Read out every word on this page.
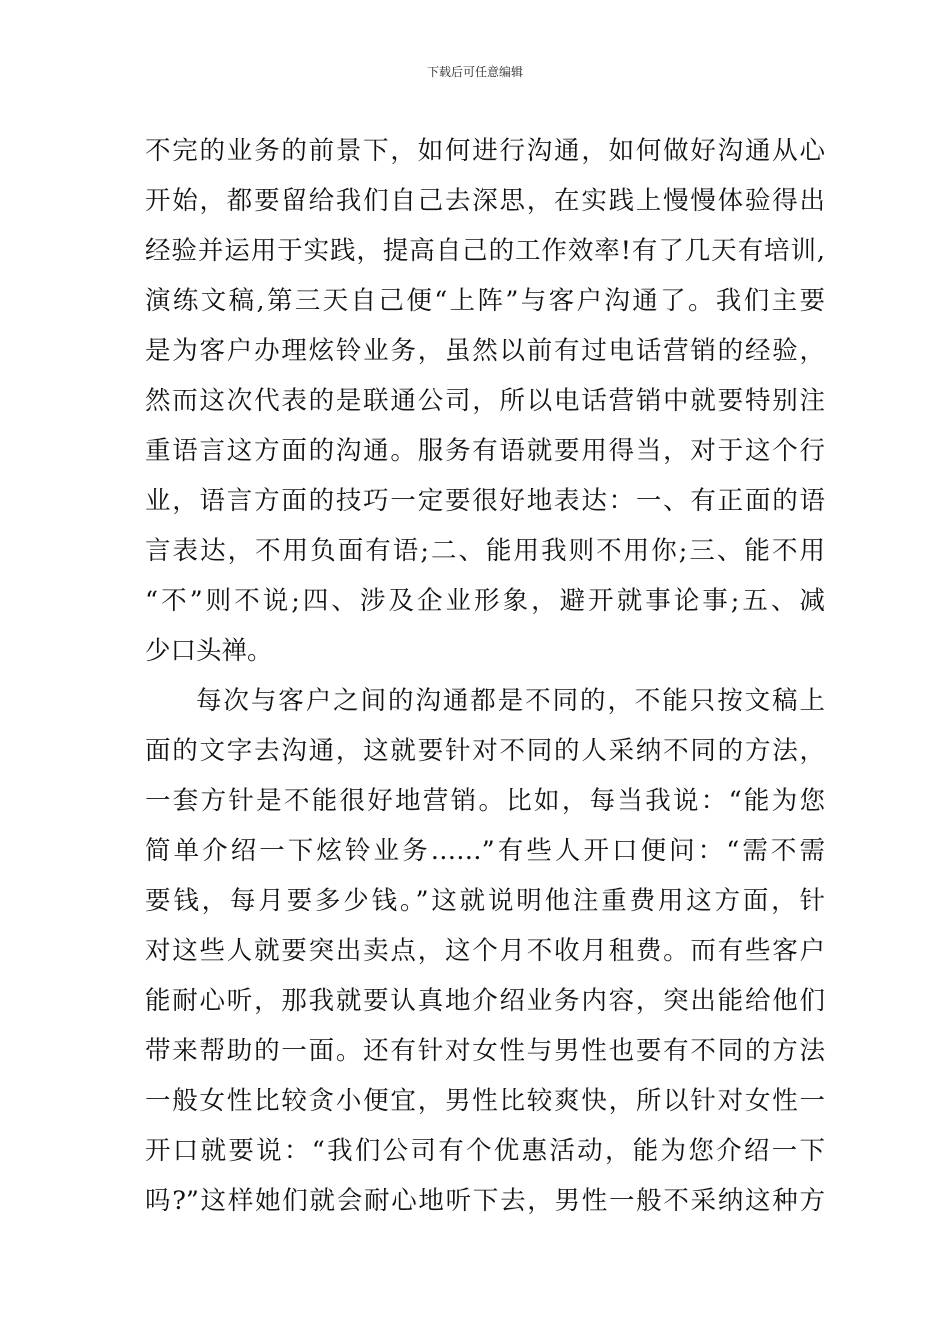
下载后可任意编辑
不完的业务的前景下，如何进行沟通，如何做好沟通从心
开始，都要留给我们自己去深思，在实践上慢慢体验得出
经验并运用于实践，提高自己的工作效率!有了几天有培训,
演练文稿,第三天自己便“上阵”与客户沟通了。我们主要
是为客户办理炫铃业务，虽然以前有过电话营销的经验，
然而这次代表的是联通公司，所以电话营销中就要特别注
重语言这方面的沟通。服务有语就要用得当，对于这个行
业，语言方面的技巧一定要很好地表达：一、有正面的语
言表达，不用负面有语;二、能用我则不用你;三、能不用
“不”则不说;四、涉及企业形象，避开就事论事;五、减
少口头禅。
每次与客户之间的沟通都是不同的，不能只按文稿上
面的文字去沟通，这就要针对不同的人采纳不同的方法，
一套方针是不能很好地营销。比如，每当我说：“能为您
简单介绍一下炫铃业务……”有些人开口便问：“需不需
要钱，每月要多少钱。”这就说明他注重费用这方面，针
对这些人就要突出卖点，这个月不收月租费。而有些客户
能耐心听，那我就要认真地介绍业务内容，突出能给他们
带来帮助的一面。还有针对女性与男性也要有不同的方法
一般女性比较贪小便宜，男性比较爽快，所以针对女性一
开口就要说：“我们公司有个优惠活动，能为您介绍一下
吗?”这样她们就会耐心地听下去，男性一般不采纳这种方
